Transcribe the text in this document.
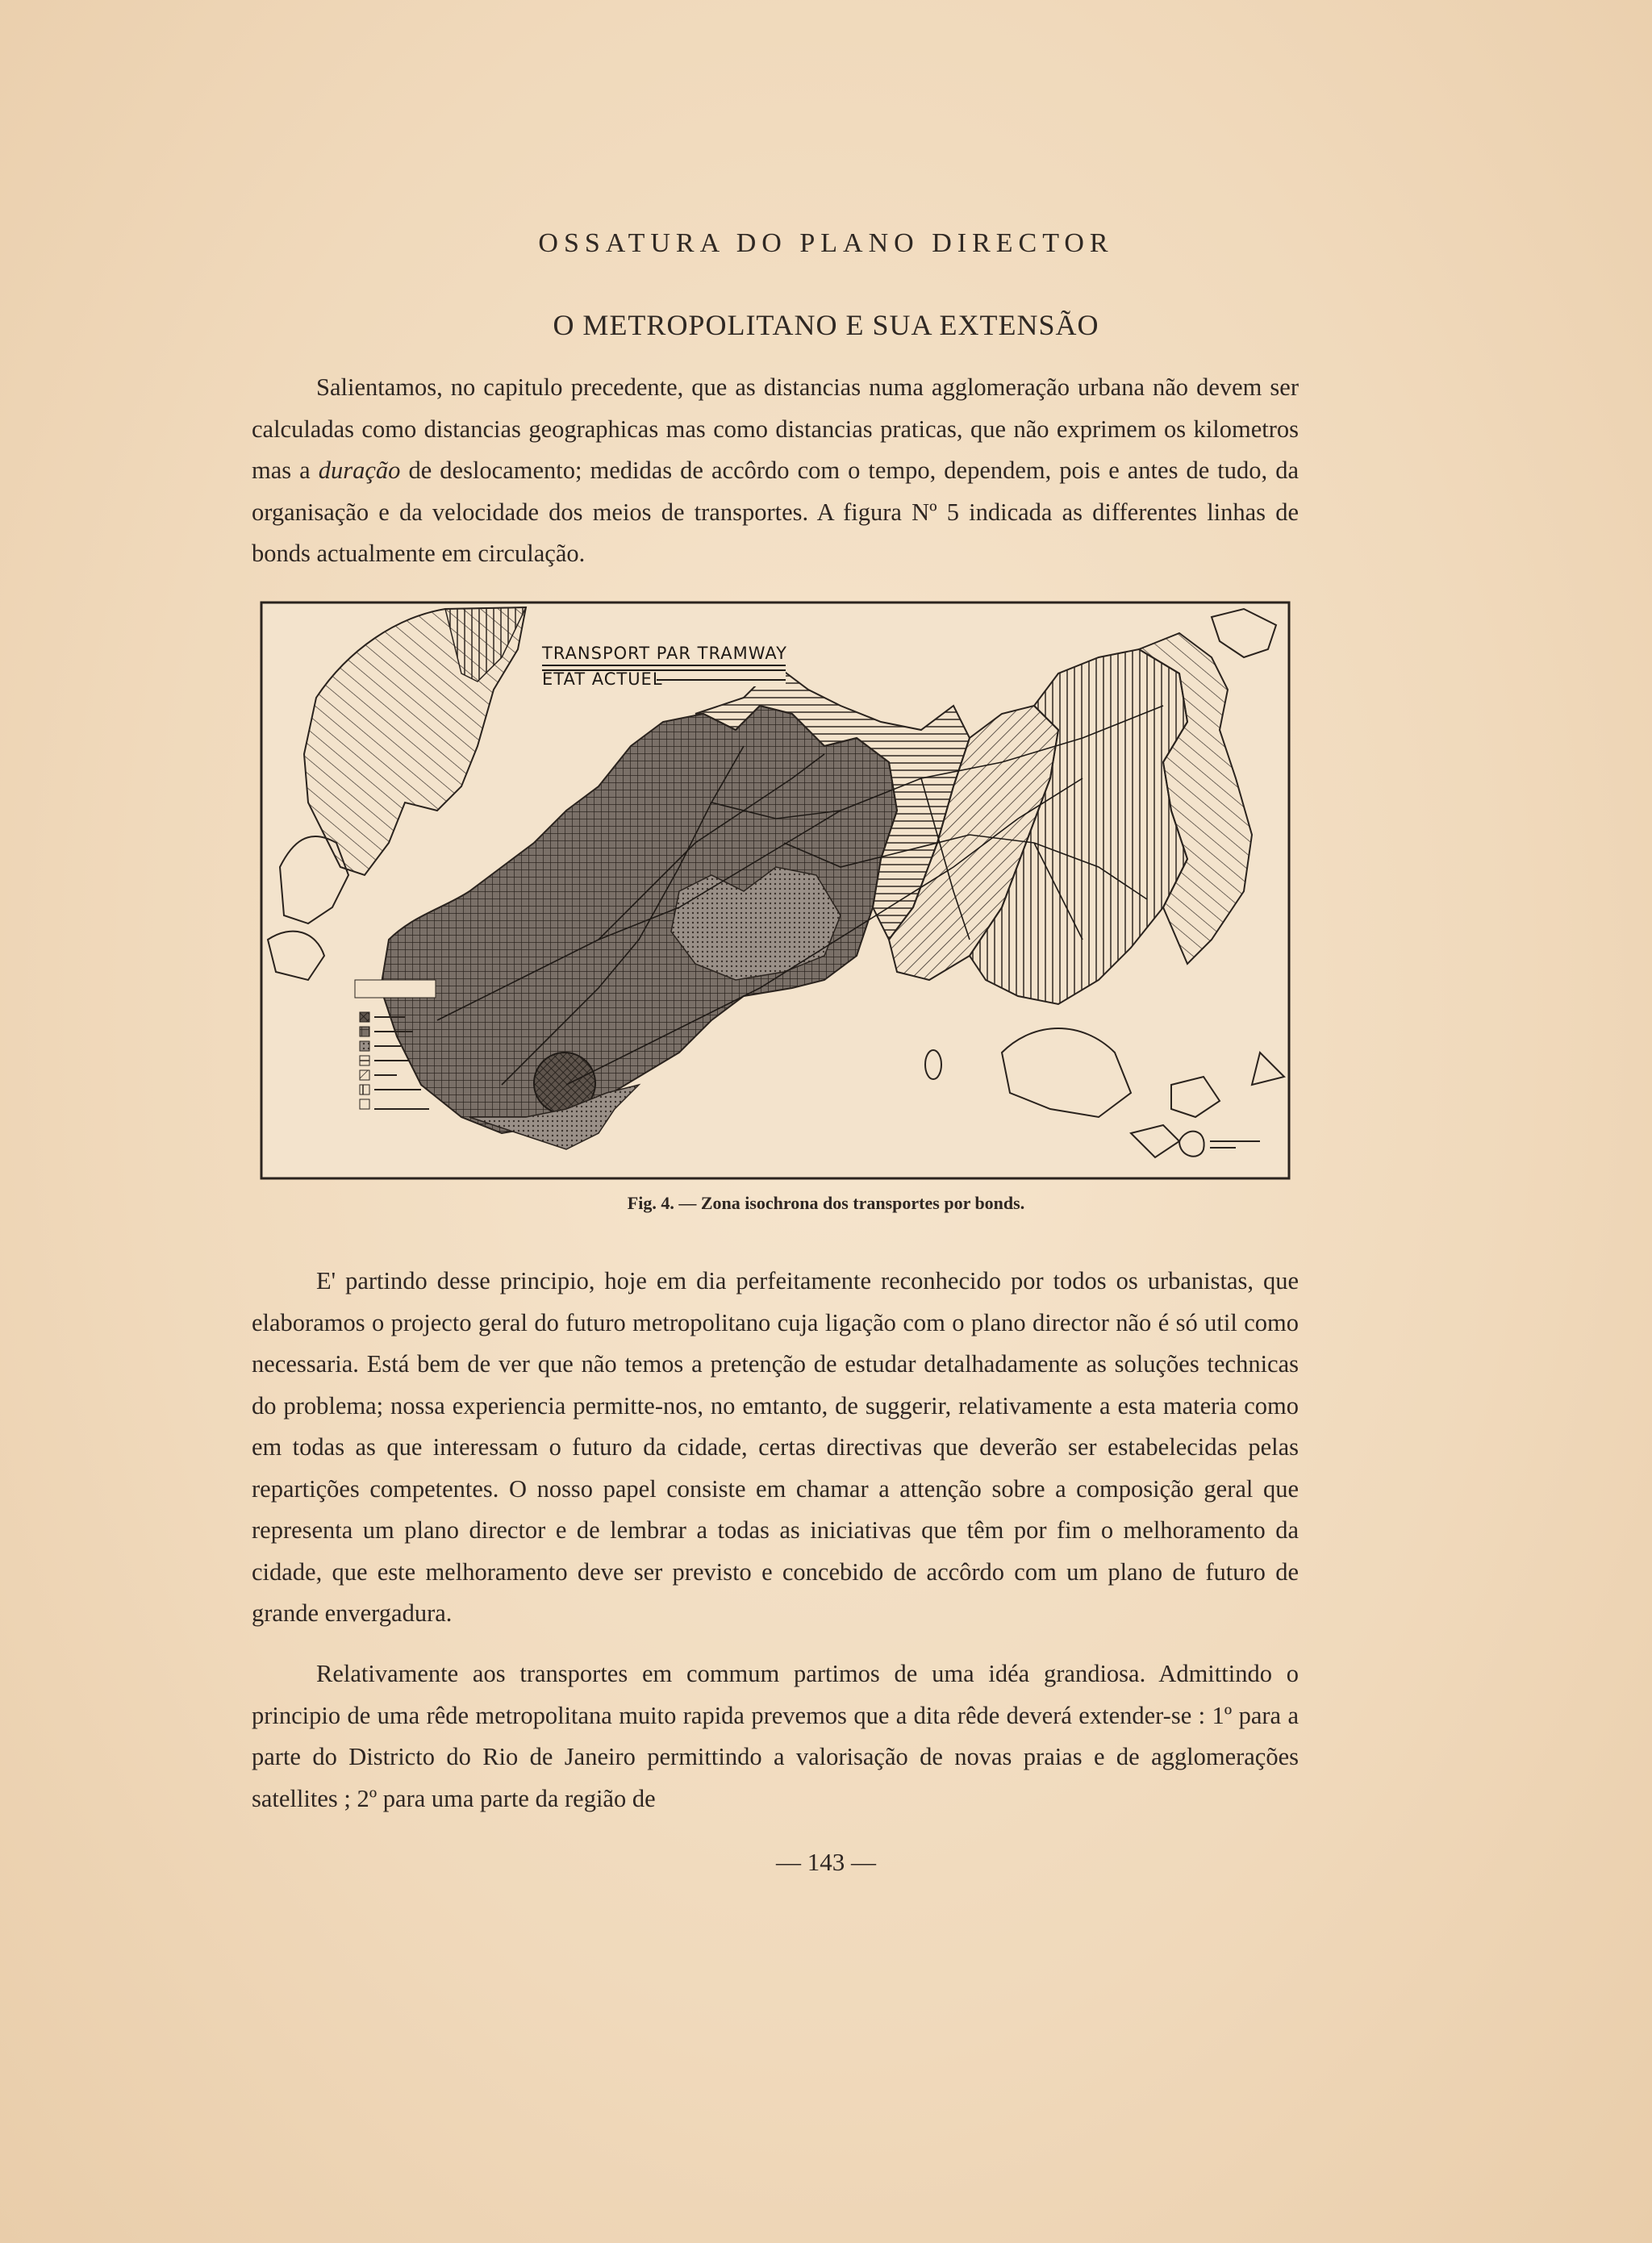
OSSATURA DO PLANO DIRECTOR
O METROPOLITANO E SUA EXTENSÃO
Salientamos, no capitulo precedente, que as distancias numa agglomeração urbana não devem ser calculadas como distancias geographicas mas como distancias praticas, que não exprimem os kilometros mas a duração de deslocamento; medidas de accôrdo com o tempo, dependem, pois e antes de tudo, da organisação e da velocidade dos meios de transportes. A figura Nº 5 indicada as differentes linhas de bonds actualmente em circulação.
TRANSPORT PAR TRAMWAY
ETAT ACTUEL
Fig. 4. — Zona isochrona dos transportes por bonds.
E' partindo desse principio, hoje em dia perfeitamente reconhecido por todos os urbanistas, que elaboramos o projecto geral do futuro metropolitano cuja ligação com o plano director não é só util como necessaria. Está bem de ver que não temos a pretenção de estudar detalhadamente as soluções technicas do problema; nossa experiencia permitte-nos, no emtanto, de suggerir, relativamente a esta materia como em todas as que interessam o futuro da cidade, certas directivas que deverão ser estabelecidas pelas repartições competentes. O nosso papel consiste em chamar a attenção sobre a composição geral que representa um plano director e de lembrar a todas as iniciativas que têm por fim o melhoramento da cidade, que este melhoramento deve ser previsto e concebido de accôrdo com um plano de futuro de grande envergadura.
Relativamente aos transportes em commum partimos de uma idéa grandiosa. Admittindo o principio de uma rêde metropolitana muito rapida prevemos que a dita rêde deverá extender-se : 1º para a parte do Districto do Rio de Janeiro permittindo a valorisação de novas praias e de agglomerações satellites ; 2º para uma parte da região de
— 143 —
